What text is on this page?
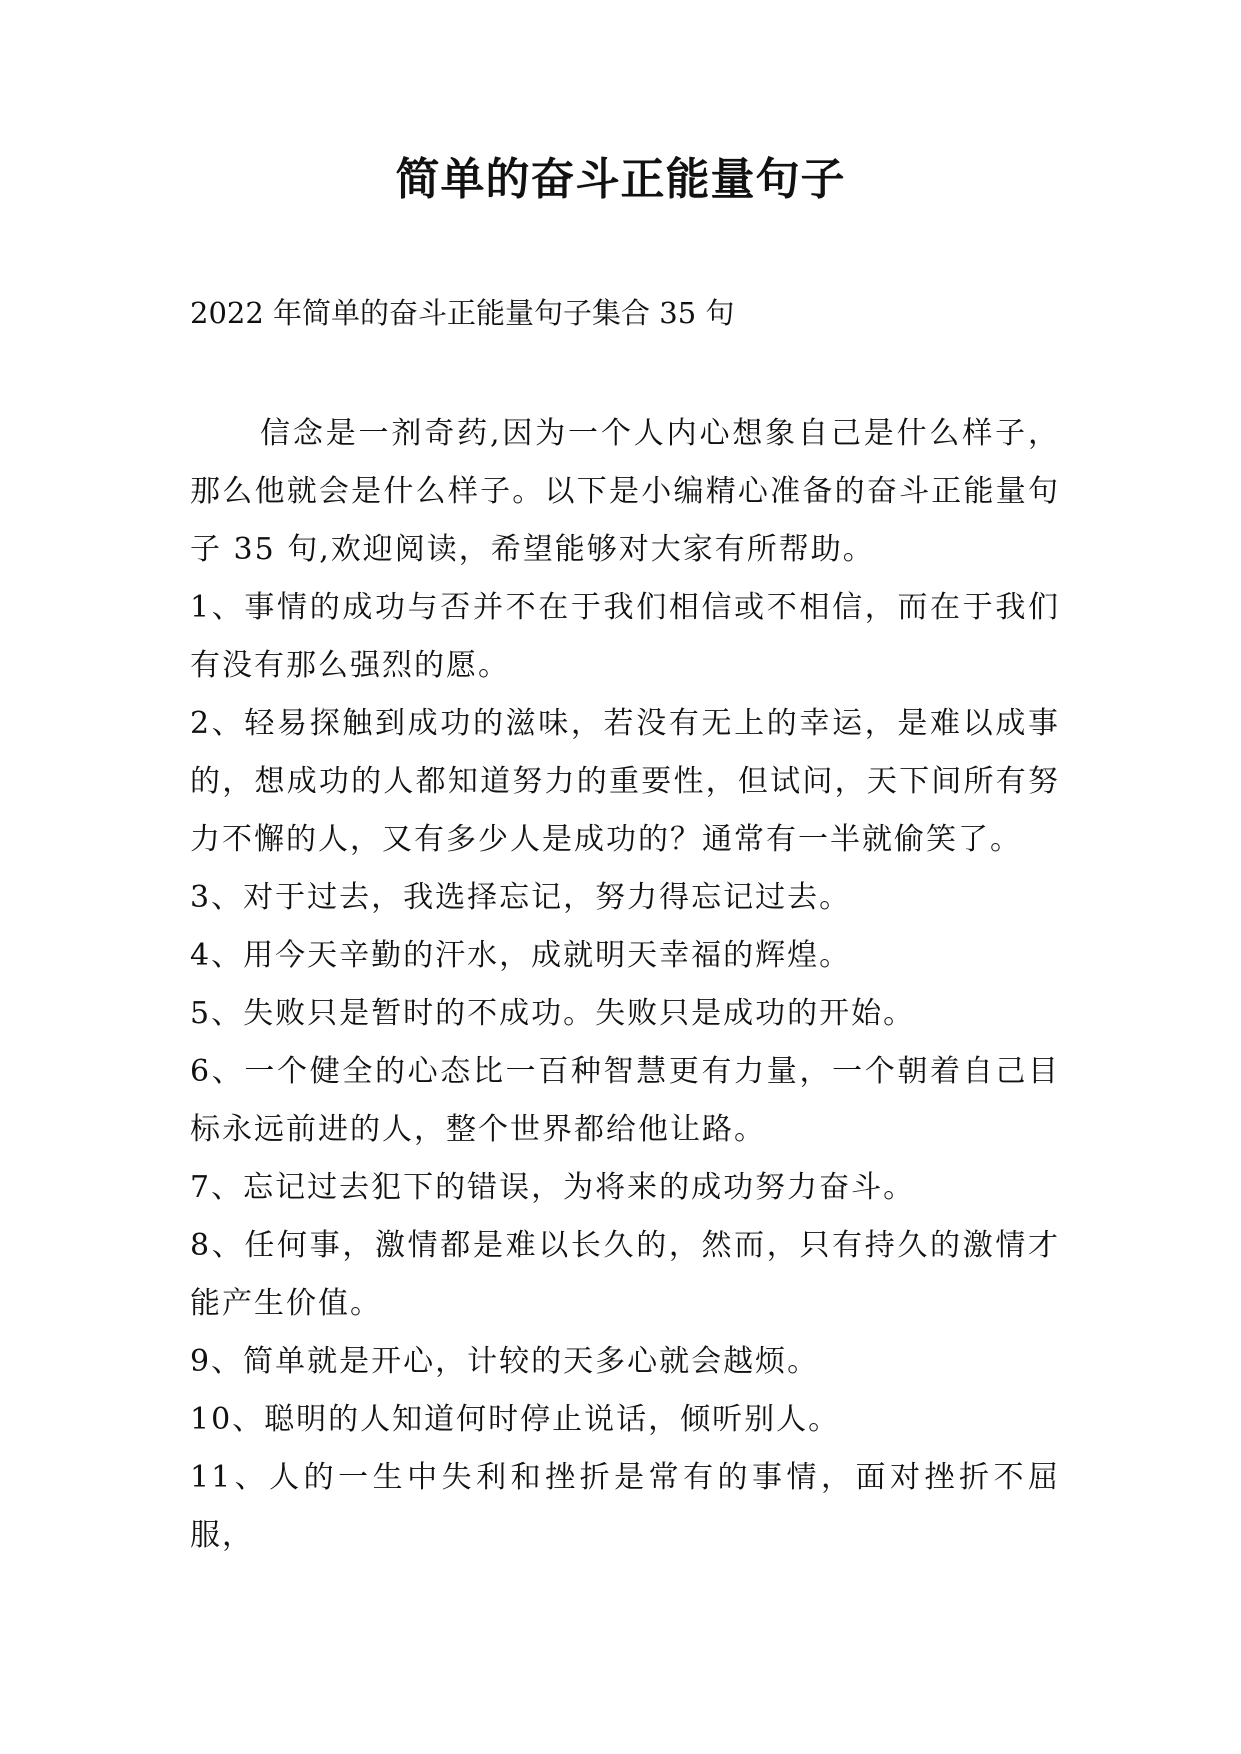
简单的奋斗正能量句子
2022 年简单的奋斗正能量句子集合 35 句

信念是一剂奇药,因为一个人内心想象自己是什么样子，那么他就会是什么样子。以下是小编精心准备的奋斗正能量句子 35 句,欢迎阅读，希望能够对大家有所帮助。

1、事情的成功与否并不在于我们相信或不相信，而在于我们有没有那么强烈的愿。

2、轻易探触到成功的滋味，若没有无上的幸运，是难以成事的，想成功的人都知道努力的重要性，但试问，天下间所有努力不懈的人，又有多少人是成功的？通常有一半就偷笑了。

3、对于过去，我选择忘记，努力得忘记过去。

4、用今天辛勤的汗水，成就明天幸福的辉煌。

5、失败只是暂时的不成功。失败只是成功的开始。

6、一个健全的心态比一百种智慧更有力量，一个朝着自己目标永远前进的人，整个世界都给他让路。

7、忘记过去犯下的错误，为将来的成功努力奋斗。

8、任何事，激情都是难以长久的，然而，只有持久的激情才能产生价值。

9、简单就是开心，计较的天多心就会越烦。

10、聪明的人知道何时停止说话，倾听别人。

11、人的一生中失利和挫折是常有的事情，面对挫折不屈服，
